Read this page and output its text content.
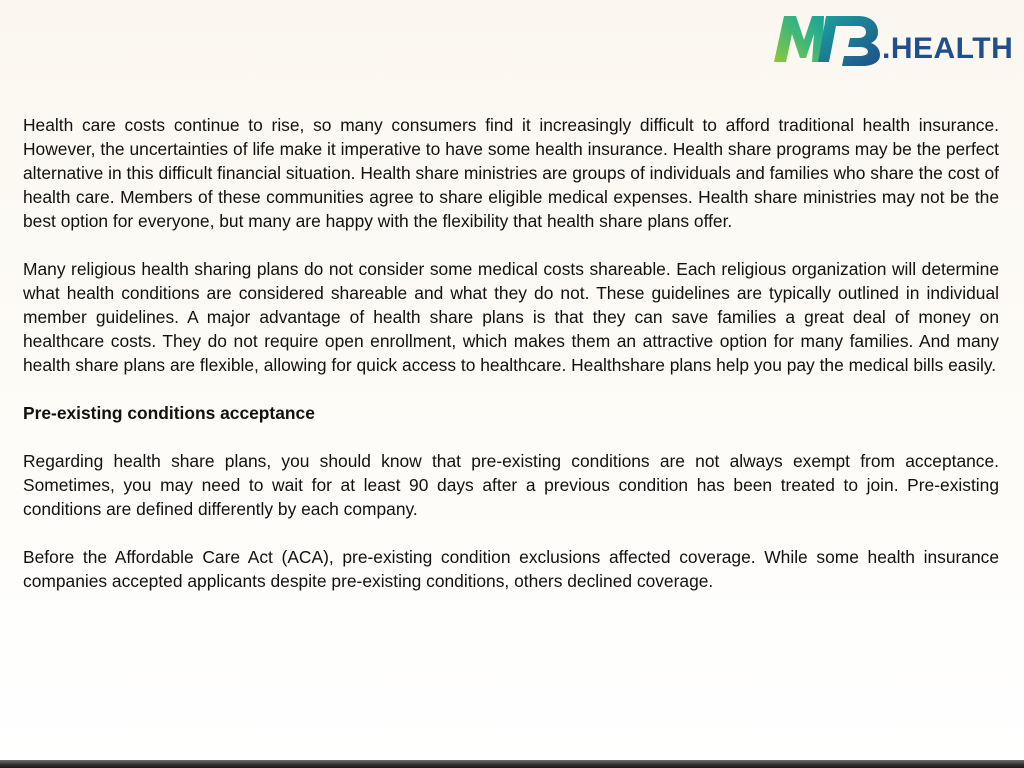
.HEALTH

Health care costs continue to rise, so many consumers find it increasingly difficult to afford traditional health insurance. However, the uncertainties of life make it imperative to have some health insurance. Health share programs may be the perfect alternative in this difficult financial situation. Health share ministries are groups of individuals and families who share the cost of health care. Members of these communities agree to share eligible medical expenses. Health share ministries may not be the best option for everyone, but many are happy with the flexibility that health share plans offer.

Many religious health sharing plans do not consider some medical costs shareable. Each religious organization will determine what health conditions are considered shareable and what they do not. These guidelines are typically outlined in individual member guidelines. A major advantage of health share plans is that they can save families a great deal of money on healthcare costs. They do not require open enrollment, which makes them an attractive option for many families. And many health share plans are flexible, allowing for quick access to healthcare. Healthshare plans help you pay the medical bills easily.

Pre-existing conditions acceptance

Regarding health share plans, you should know that pre-existing conditions are not always exempt from acceptance. Sometimes, you may need to wait for at least 90 days after a previous condition has been treated to join. Pre-existing conditions are defined differently by each company.

Before the Affordable Care Act (ACA), pre-existing condition exclusions affected coverage. While some health insurance companies accepted applicants despite pre-existing conditions, others declined coverage.
